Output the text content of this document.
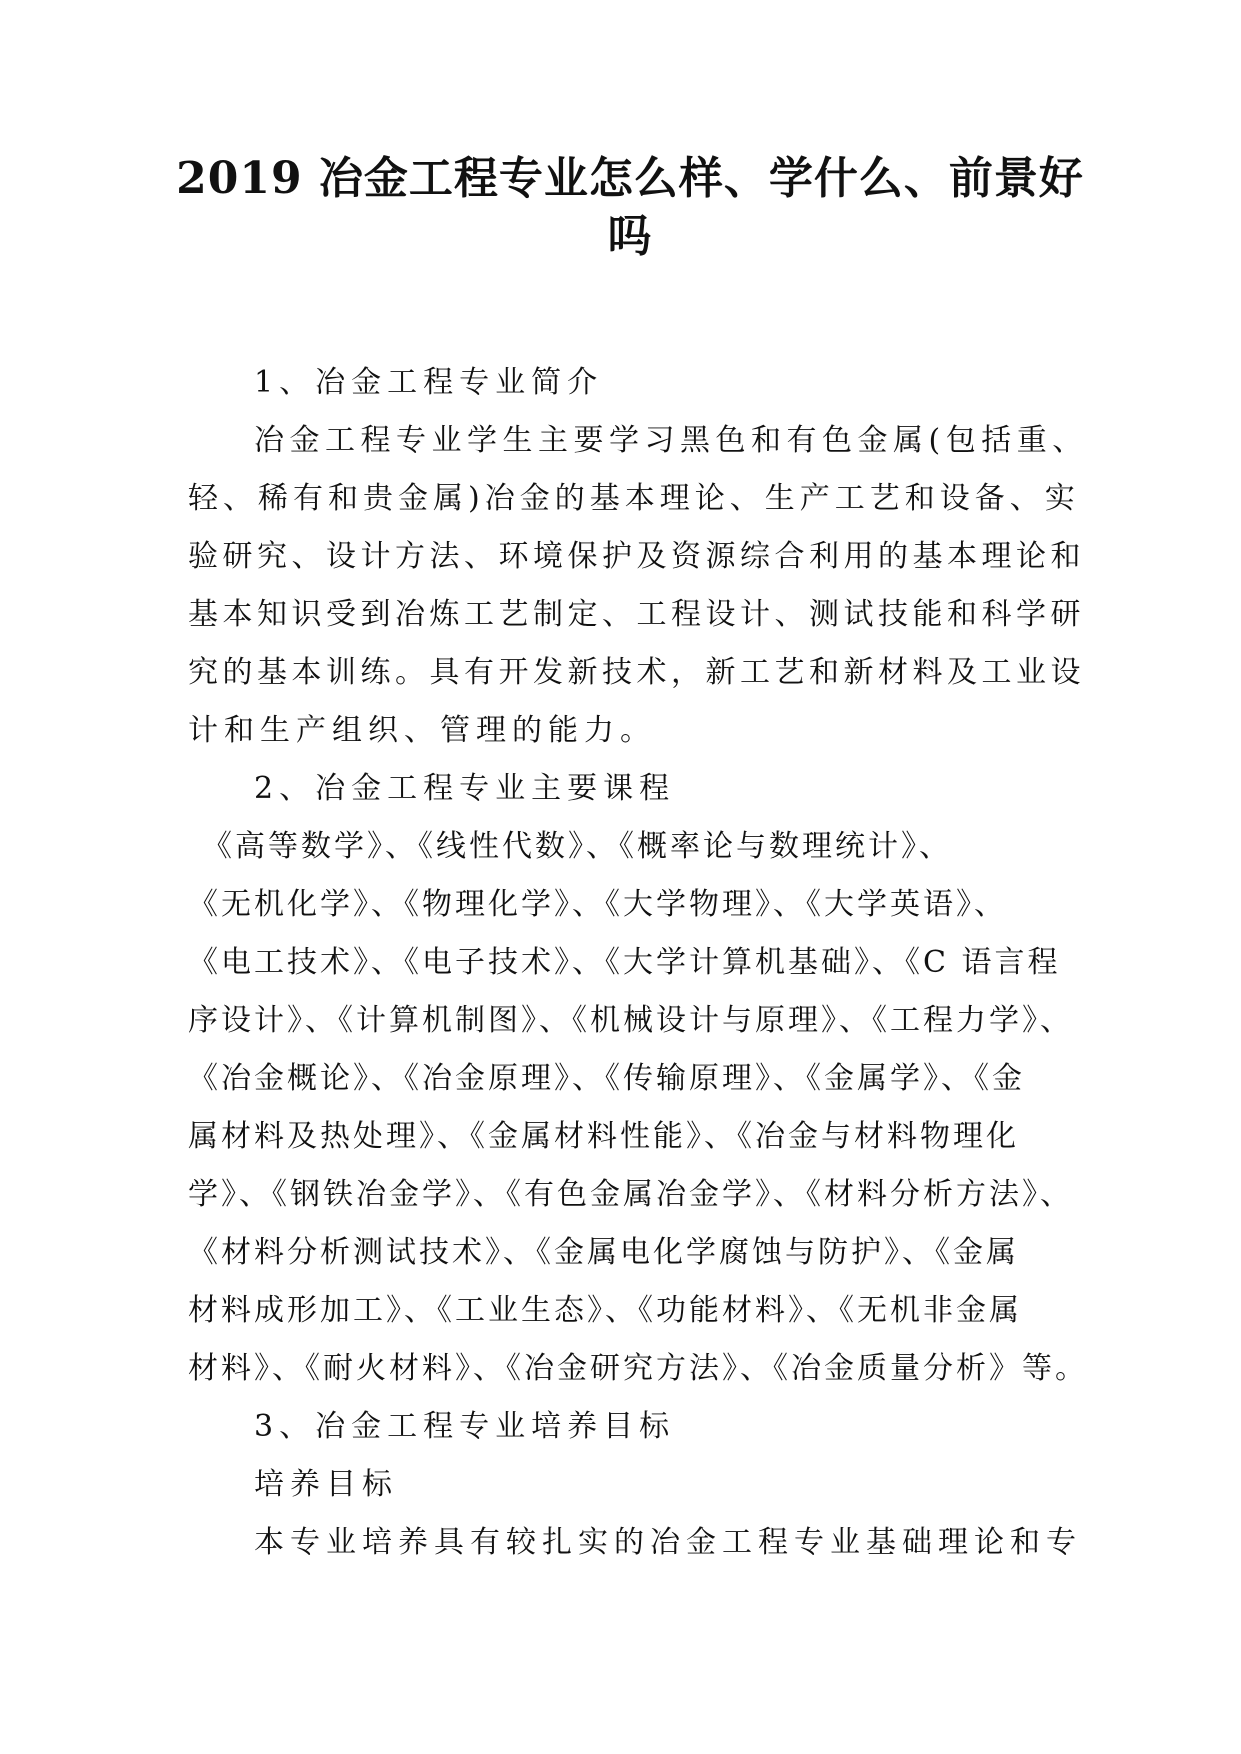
2019 冶金工程专业怎么样、学什么、前景好
吗
1、冶金工程专业简介
冶金工程专业学生主要学习黑色和有色金属(包括重、
轻、稀有和贵金属)冶金的基本理论、生产工艺和设备、实
验研究、设计方法、环境保护及资源综合利用的基本理论和
基本知识受到冶炼工艺制定、工程设计、测试技能和科学研
究的基本训练。具有开发新技术，新工艺和新材料及工业设
计和生产组织、管理的能力。
2、冶金工程专业主要课程
《高等数学》、《线性代数》、《概率论与数理统计》、
《无机化学》、《物理化学》、《大学物理》、《大学英语》、
《电工技术》、《电子技术》、《大学计算机基础》、《C 语言程
序设计》、《计算机制图》、《机械设计与原理》、《工程力学》、
《冶金概论》、《冶金原理》、《传输原理》、《金属学》、《金
属材料及热处理》、《金属材料性能》、《冶金与材料物理化
学》、《钢铁冶金学》、《有色金属冶金学》、《材料分析方法》、
《材料分析测试技术》、《金属电化学腐蚀与防护》、《金属
材料成形加工》、《工业生态》、《功能材料》、《无机非金属
材料》、《耐火材料》、《冶金研究方法》、《冶金质量分析》等。
3、冶金工程专业培养目标
培养目标
本专业培养具有较扎实的冶金工程专业基础理论和专
